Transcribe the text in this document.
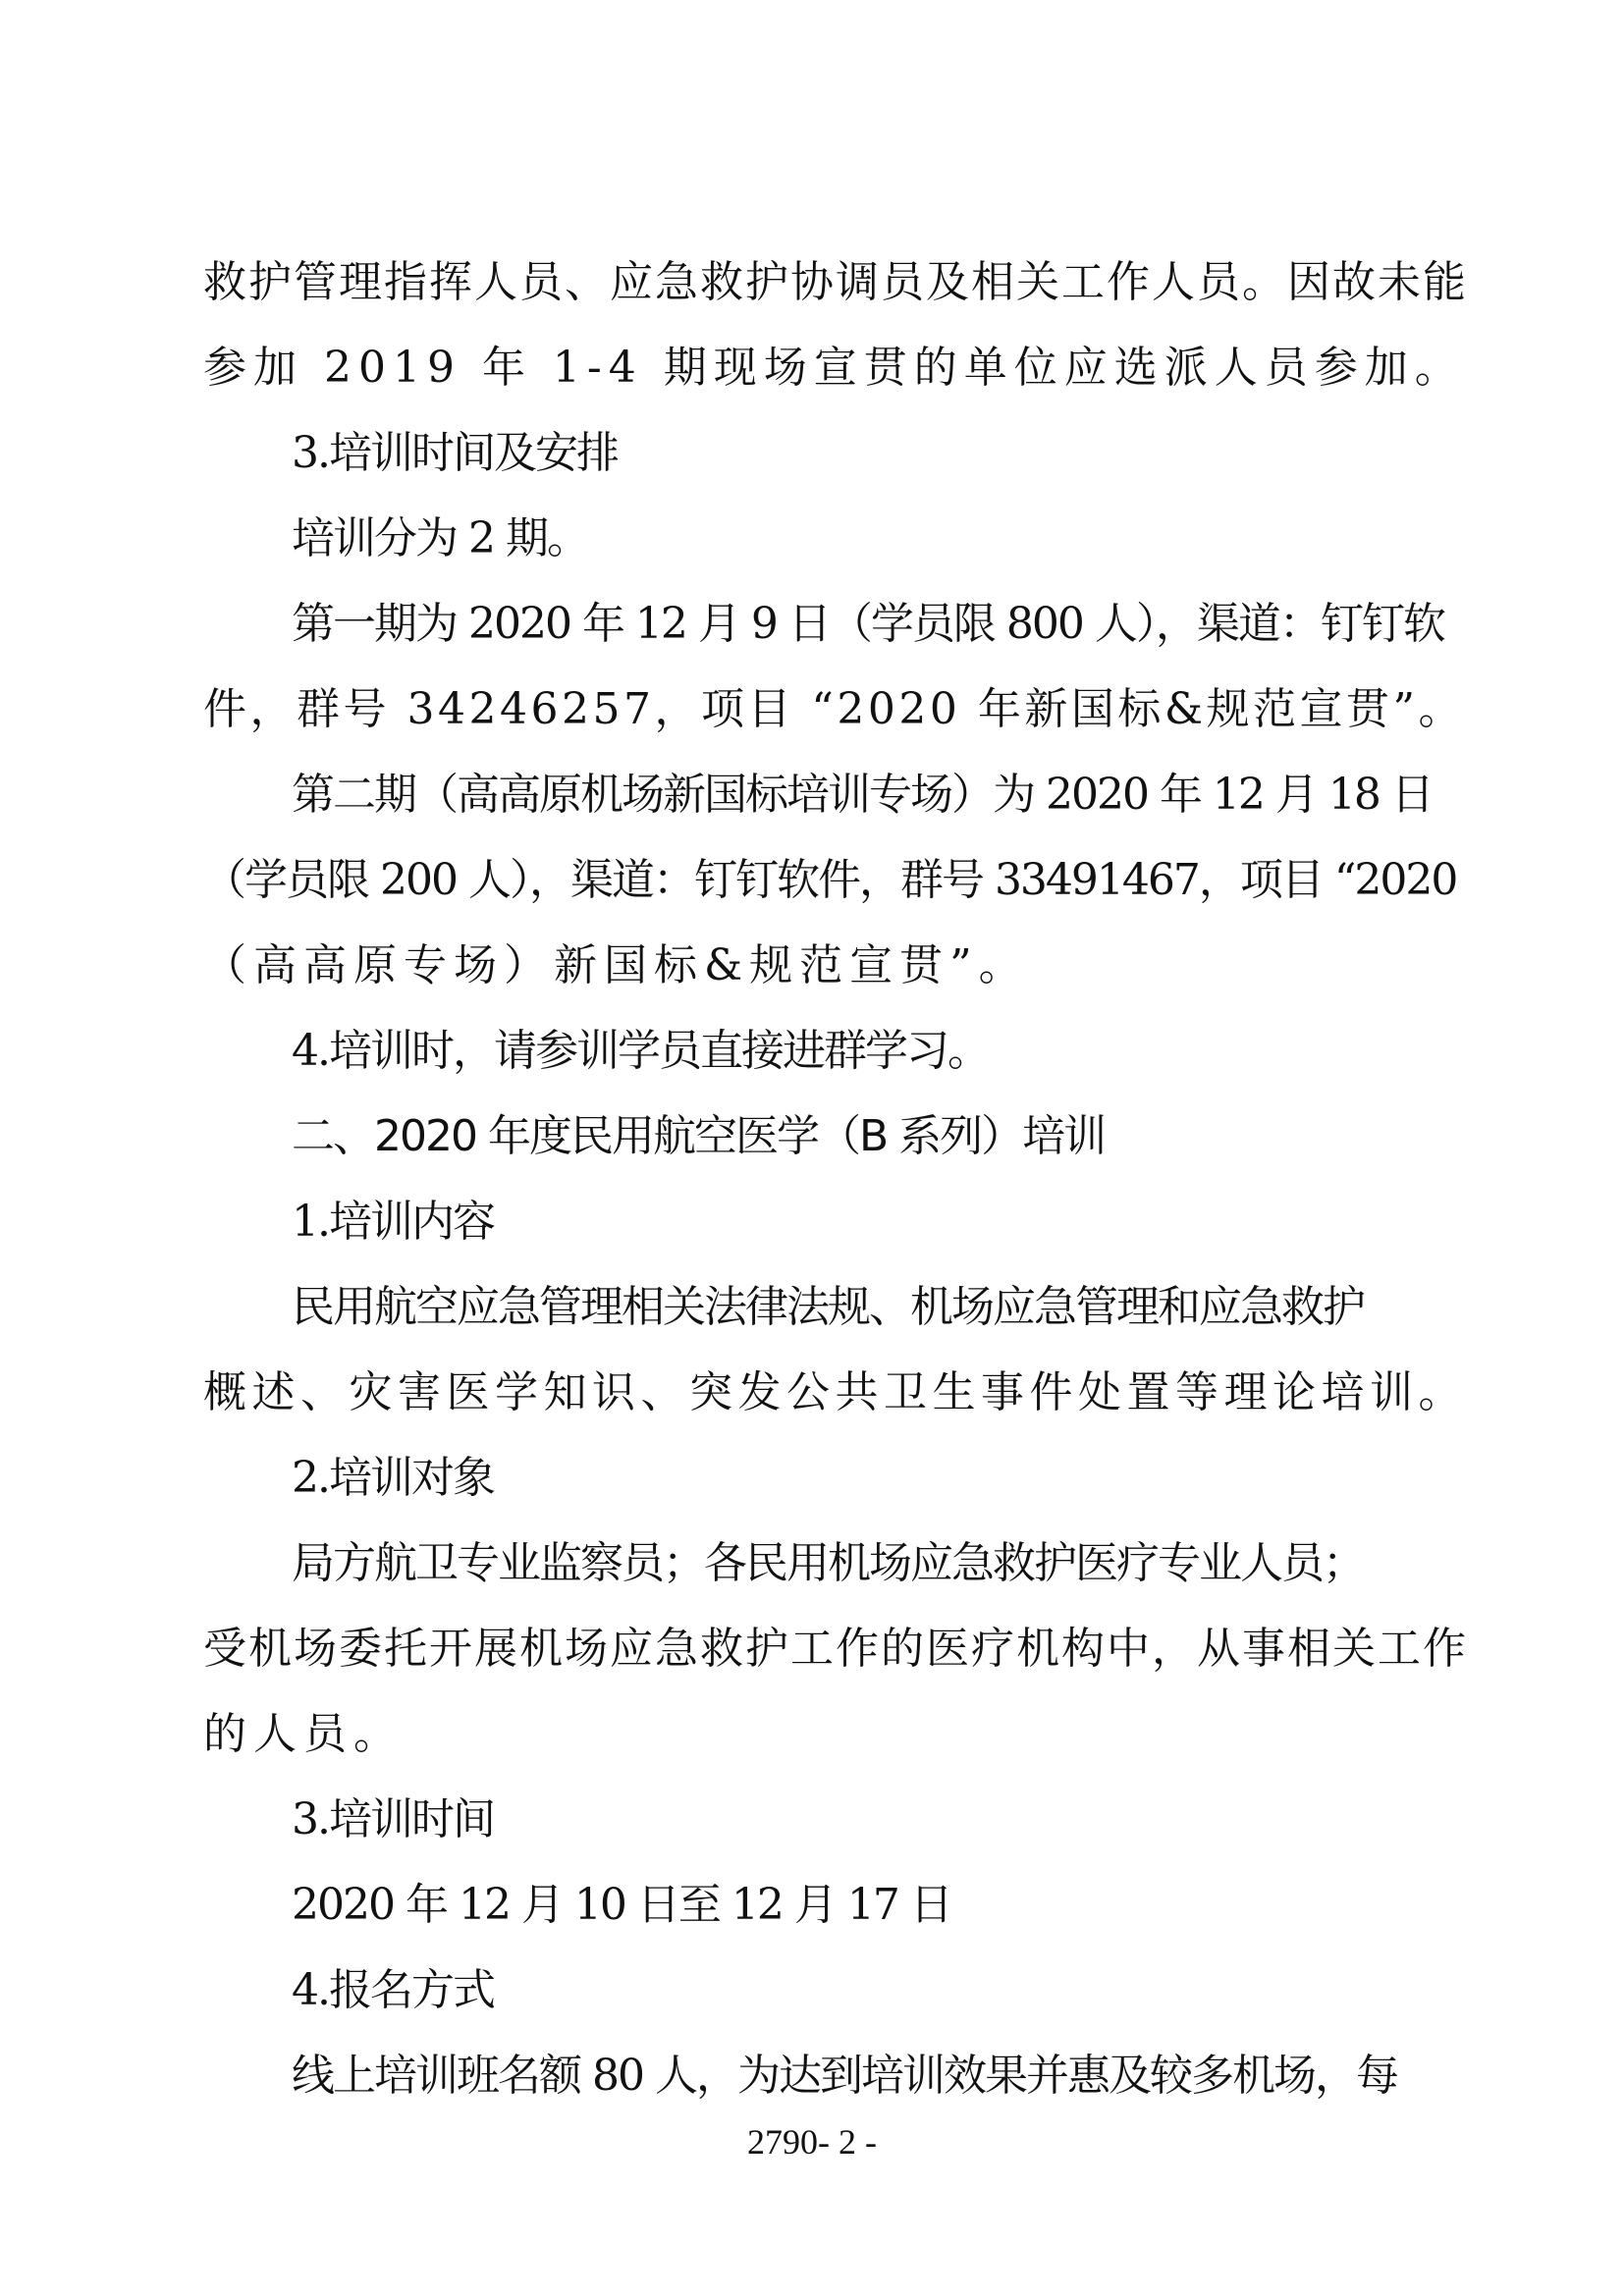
救护管理指挥人员、应急救护协调员及相关工作人员。因故未能
参加 2019 年 1-4 期现场宣贯的单位应选派人员参加。
3.培训时间及安排
培训分为 2 期。
第一期为 2020 年 12 月 9 日（学员限 800 人），渠道：钉钉软
件，群号 34246257，项目 “2020 年新国标&规范宣贯”。
第二期（高高原机场新国标培训专场）为 2020 年 12 月 18 日
（学员限 200 人），渠道：钉钉软件，群号 33491467，项目 “2020
（高高原专场）新国标&规范宣贯”。
4.培训时，请参训学员直接进群学习。
二、2020 年度民用航空医学（B 系列）培训
1.培训内容
民用航空应急管理相关法律法规、机场应急管理和应急救护
概述、灾害医学知识、突发公共卫生事件处置等理论培训。
2.培训对象
局方航卫专业监察员；各民用机场应急救护医疗专业人员；
受机场委托开展机场应急救护工作的医疗机构中，从事相关工作
的人员。
3.培训时间
2020 年 12 月 10 日至 12 月 17 日
4.报名方式
线上培训班名额 80 人，为达到培训效果并惠及较多机场，每
2790- 2 -
